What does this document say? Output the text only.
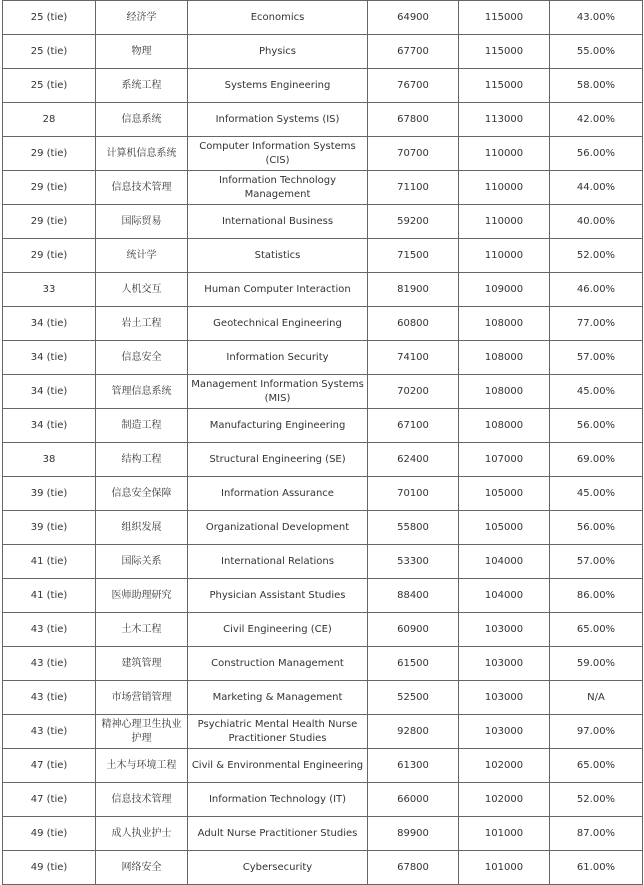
25 (tie)	经济学	Economics	64900	115000	43.00%
25 (tie)	物理	Physics	67700	115000	55.00%
25 (tie)	系统工程	Systems Engineering	76700	115000	58.00%
28	信息系统	Information Systems (IS)	67800	113000	42.00%
29 (tie)	计算机信息系统	Computer Information Systems (CIS)	70700	110000	56.00%
29 (tie)	信息技术管理	Information Technology Management	71100	110000	44.00%
29 (tie)	国际贸易	International Business	59200	110000	40.00%
29 (tie)	统计学	Statistics	71500	110000	52.00%
33	人机交互	Human Computer Interaction	81900	109000	46.00%
34 (tie)	岩土工程	Geotechnical Engineering	60800	108000	77.00%
34 (tie)	信息安全	Information Security	74100	108000	57.00%
34 (tie)	管理信息系统	Management Information Systems (MIS)	70200	108000	45.00%
34 (tie)	制造工程	Manufacturing Engineering	67100	108000	56.00%
38	结构工程	Structural Engineering (SE)	62400	107000	69.00%
39 (tie)	信息安全保障	Information Assurance	70100	105000	45.00%
39 (tie)	组织发展	Organizational Development	55800	105000	56.00%
41 (tie)	国际关系	International Relations	53300	104000	57.00%
41 (tie)	医师助理研究	Physician Assistant Studies	88400	104000	86.00%
43 (tie)	土木工程	Civil Engineering (CE)	60900	103000	65.00%
43 (tie)	建筑管理	Construction Management	61500	103000	59.00%
43 (tie)	市场营销管理	Marketing & Management	52500	103000	N/A
43 (tie)	精神心理卫生执业护理	Psychiatric Mental Health Nurse Practitioner Studies	92800	103000	97.00%
47 (tie)	土木与环境工程	Civil & Environmental Engineering	61300	102000	65.00%
47 (tie)	信息技术管理	Information Technology (IT)	66000	102000	52.00%
49 (tie)	成人执业护士	Adult Nurse Practitioner Studies	89900	101000	87.00%
49 (tie)	网络安全	Cybersecurity	67800	101000	61.00%
